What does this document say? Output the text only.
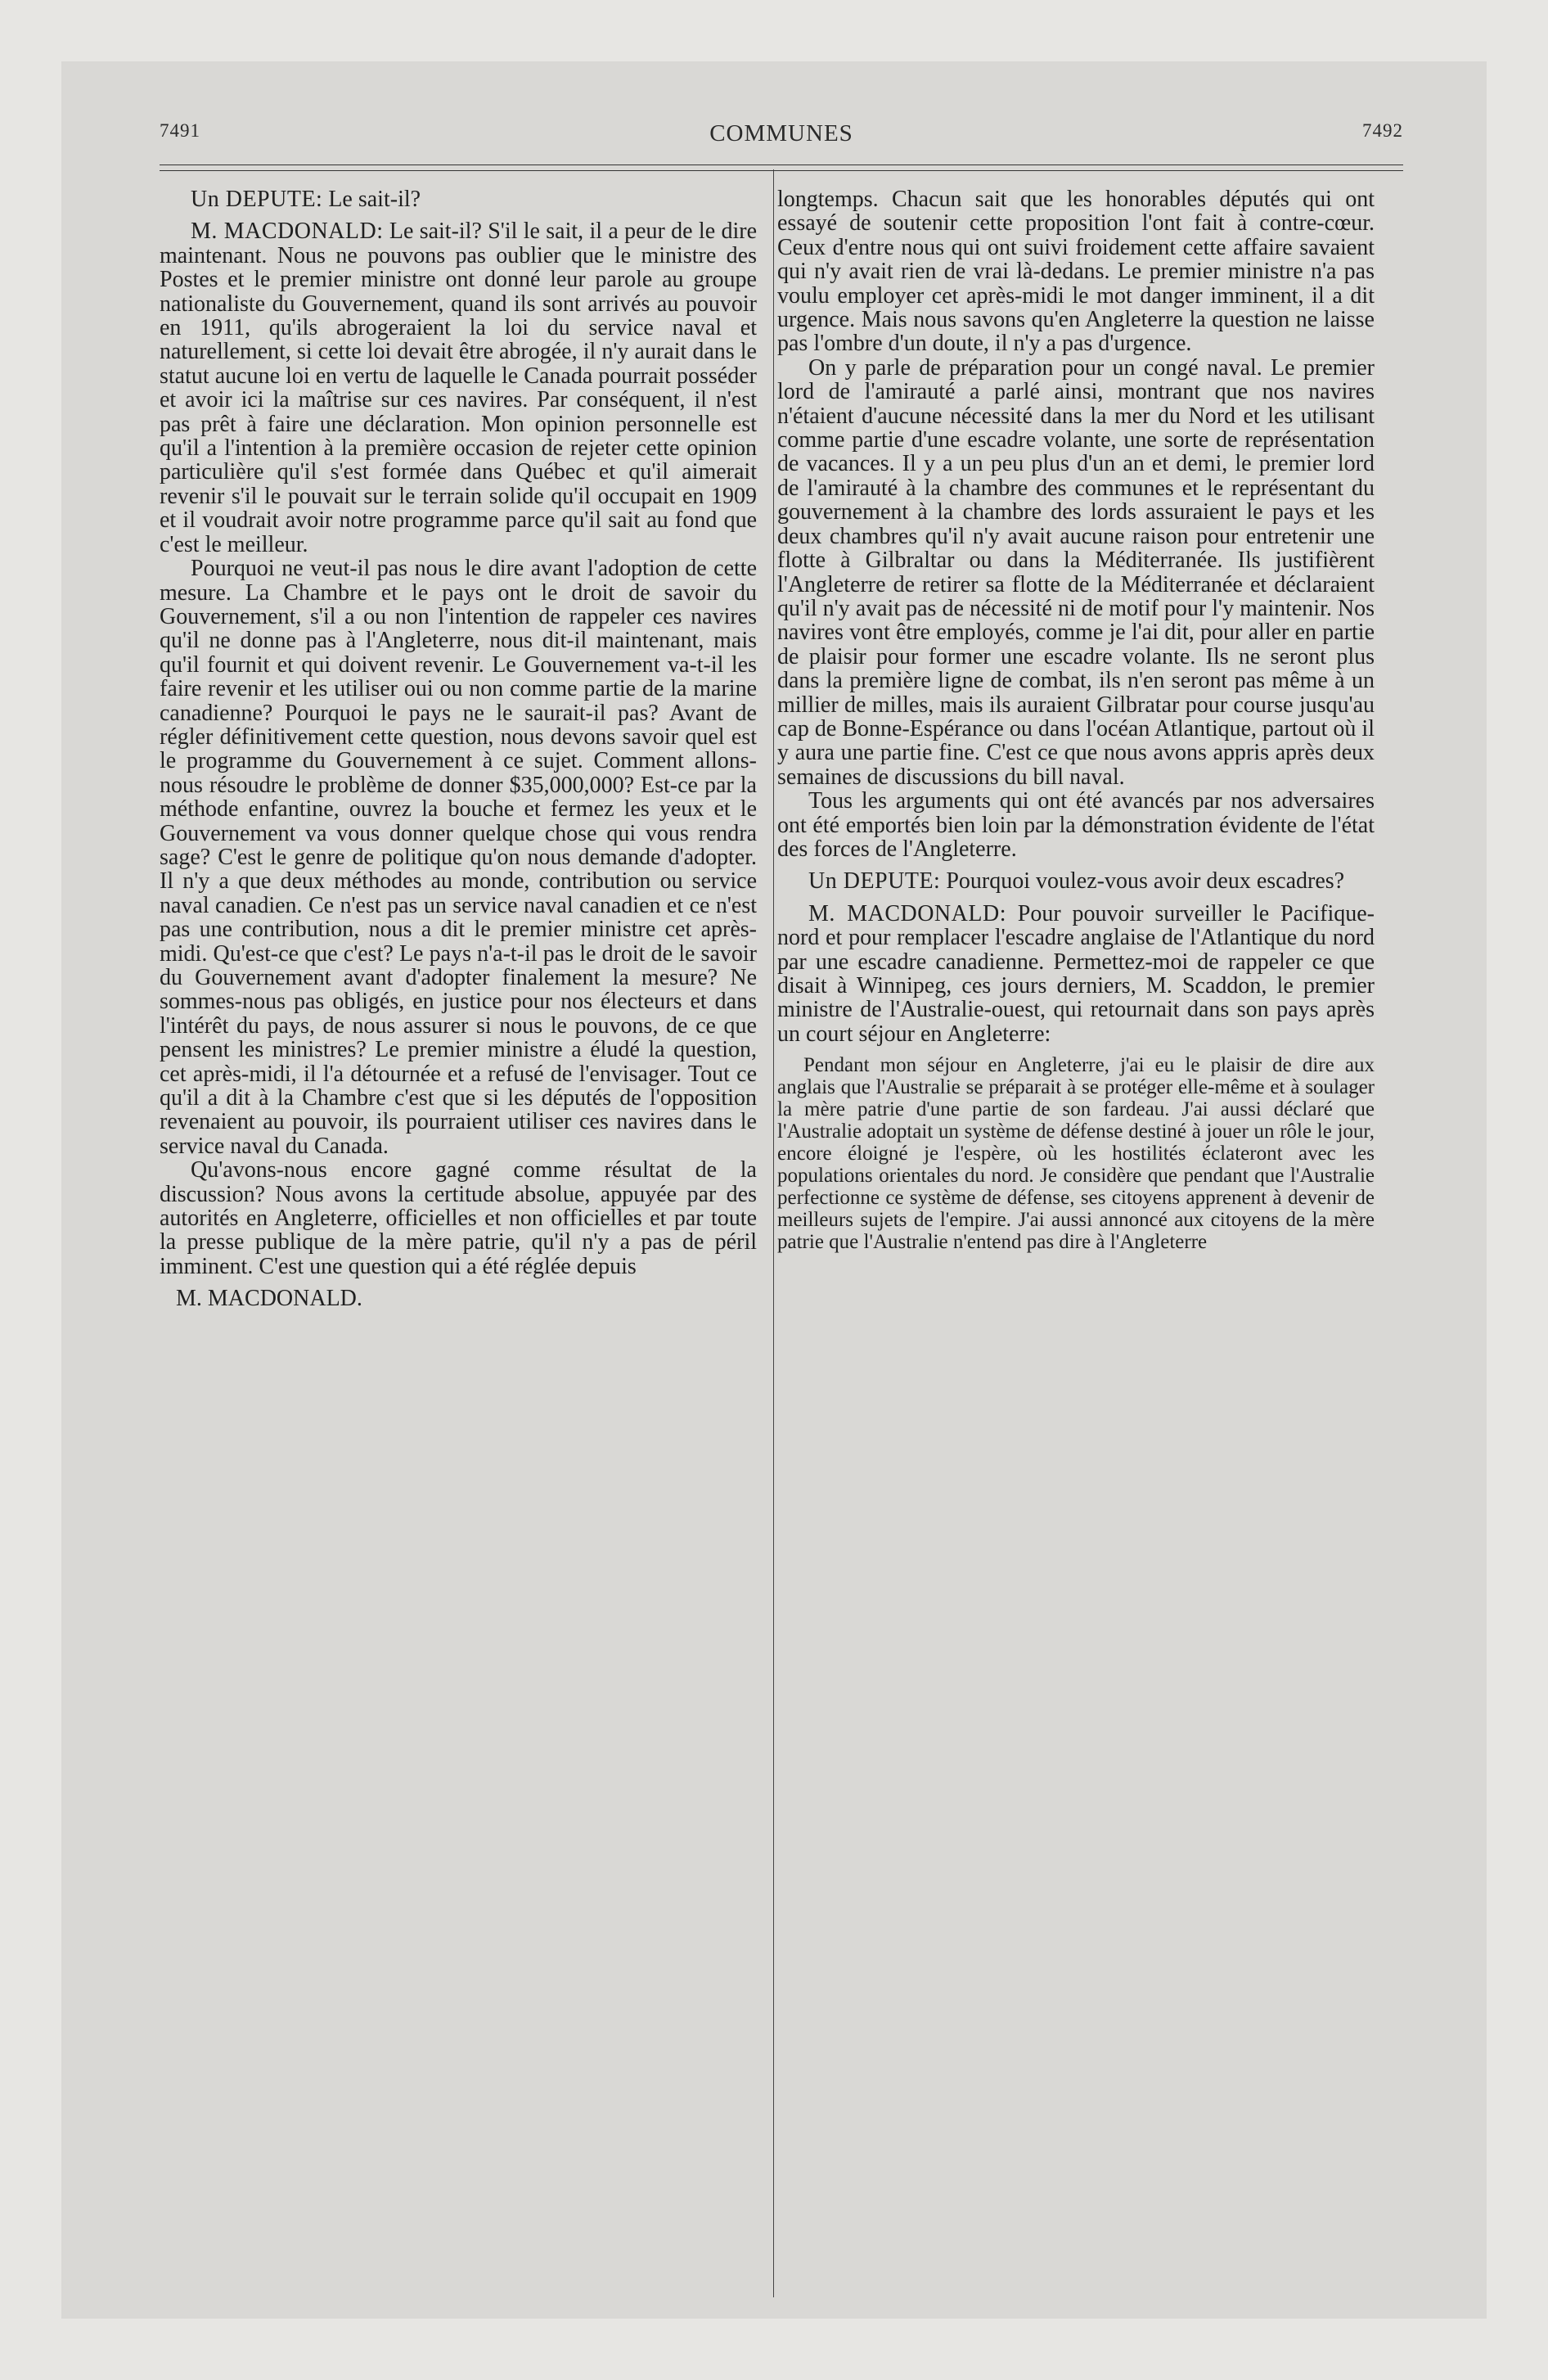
7491	COMMUNES	7492

Un DEPUTE: Le sait-il?

M. MACDONALD: Le sait-il? S'il le sait, il a peur de le dire maintenant. Nous ne pouvons pas oublier que le ministre des Postes et le premier ministre ont donné leur parole au groupe nationaliste du Gouvernement, quand ils sont arrivés au pouvoir en 1911, qu'ils abrogeraient la loi du service naval et naturellement, si cette loi devait être abrogée, il n'y aurait dans le statut aucune loi en vertu de laquelle le Canada pourrait posséder et avoir ici la maîtrise sur ces navires. Par conséquent, il n'est pas prêt à faire une déclaration. Mon opinion personnelle est qu'il a l'intention à la première occasion de rejeter cette opinion particulière qu'il s'est formée dans Québec et qu'il aimerait revenir s'il le pouvait sur le terrain solide qu'il occupait en 1909 et il voudrait avoir notre programme parce qu'il sait au fond que c'est le meilleur.

Pourquoi ne veut-il pas nous le dire avant l'adoption de cette mesure. La Chambre et le pays ont le droit de savoir du Gouvernement, s'il a ou non l'intention de rappeler ces navires qu'il ne donne pas à l'Angleterre, nous dit-il maintenant, mais qu'il fournit et qui doivent revenir. Le Gouvernement va-t-il les faire revenir et les utiliser oui ou non comme partie de la marine canadienne? Pourquoi le pays ne le saurait-il pas? Avant de régler définitivement cette question, nous devons savoir quel est le programme du Gouvernement à ce sujet. Comment allons-nous résoudre le problème de donner $35,000,000? Est-ce par la méthode enfantine, ouvrez la bouche et fermez les yeux et le Gouvernement va vous donner quelque chose qui vous rendra sage? C'est le genre de politique qu'on nous demande d'adopter. Il n'y a que deux méthodes au monde, contribution ou service naval canadien. Ce n'est pas un service naval canadien et ce n'est pas une contribution, nous a dit le premier ministre cet après-midi. Qu'est-ce que c'est? Le pays n'a-t-il pas le droit de le savoir du Gouvernement avant d'adopter finalement la mesure? Ne sommes-nous pas obligés, en justice pour nos électeurs et dans l'intérêt du pays, de nous assurer si nous le pouvons, de ce que pensent les ministres? Le premier ministre a éludé la question, cet après-midi, il l'a détournée et a refusé de l'envisager. Tout ce qu'il a dit à la Chambre c'est que si les députés de l'opposition revenaient au pouvoir, ils pourraient utiliser ces navires dans le service naval du Canada.

Qu'avons-nous encore gagné comme résultat de la discussion? Nous avons la certitude absolue, appuyée par des autorités en Angleterre, officielles et non officielles et par toute la presse publique de la mère patrie, qu'il n'y a pas de péril imminent. C'est une question qui a été réglée depuis

M. MACDONALD.

longtemps. Chacun sait que les honorables députés qui ont essayé de soutenir cette proposition l'ont fait à contre-cœur. Ceux d'entre nous qui ont suivi froidement cette affaire savaient qui n'y avait rien de vrai là-dedans. Le premier ministre n'a pas voulu employer cet après-midi le mot danger imminent, il a dit urgence. Mais nous savons qu'en Angleterre la question ne laisse pas l'ombre d'un doute, il n'y a pas d'urgence.

On y parle de préparation pour un congé naval. Le premier lord de l'amirauté a parlé ainsi, montrant que nos navires n'étaient d'aucune nécessité dans la mer du Nord et les utilisant comme partie d'une escadre volante, une sorte de représentation de vacances. Il y a un peu plus d'un an et demi, le premier lord de l'amirauté à la chambre des communes et le représentant du gouvernement à la chambre des lords assuraient le pays et les deux chambres qu'il n'y avait aucune raison pour entretenir une flotte à Gilbraltar ou dans la Méditerranée. Ils justifièrent l'Angleterre de retirer sa flotte de la Méditerranée et déclaraient qu'il n'y avait pas de nécessité ni de motif pour l'y maintenir. Nos navires vont être employés, comme je l'ai dit, pour aller en partie de plaisir pour former une escadre volante. Ils ne seront plus dans la première ligne de combat, ils n'en seront pas même à un millier de milles, mais ils auraient Gilbratar pour course jusqu'au cap de Bonne-Espérance ou dans l'océan Atlantique, partout où il y aura une partie fine. C'est ce que nous avons appris après deux semaines de discussions du bill naval.

Tous les arguments qui ont été avancés par nos adversaires ont été emportés bien loin par la démonstration évidente de l'état des forces de l'Angleterre.

Un DEPUTE: Pourquoi voulez-vous avoir deux escadres?

M. MACDONALD: Pour pouvoir surveiller le Pacifique-nord et pour remplacer l'escadre anglaise de l'Atlantique du nord par une escadre canadienne. Permettez-moi de rappeler ce que disait à Winnipeg, ces jours derniers, M. Scaddon, le premier ministre de l'Australie-ouest, qui retournait dans son pays après un court séjour en Angleterre:

Pendant mon séjour en Angleterre, j'ai eu le plaisir de dire aux anglais que l'Australie se préparait à se protéger elle-même et à soulager la mère patrie d'une partie de son fardeau. J'ai aussi déclaré que l'Australie adoptait un système de défense destiné à jouer un rôle le jour, encore éloigné je l'espère, où les hostilités éclateront avec les populations orientales du nord. Je considère que pendant que l'Australie perfectionne ce système de défense, ses citoyens apprenent à devenir de meilleurs sujets de l'empire. J'ai aussi annoncé aux citoyens de la mère patrie que l'Australie n'entend pas dire à l'Angleterre
